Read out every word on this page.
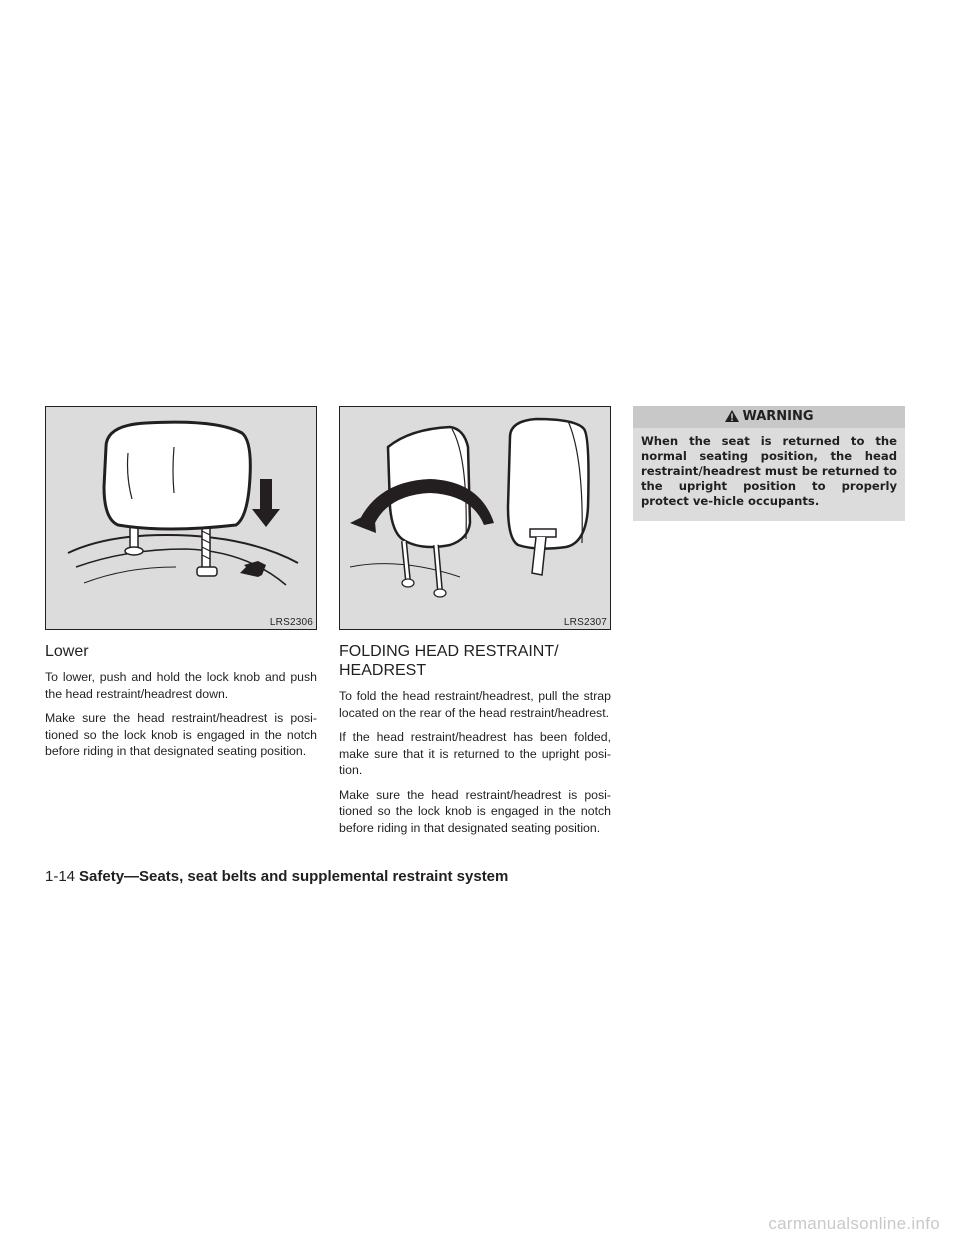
LRS2306
Lower

To lower, push and hold the lock knob and push the head restraint/headrest down.

Make sure the head restraint/headrest is posi-tioned so the lock knob is engaged in the notch before riding in that designated seating position.

LRS2307
FOLDING HEAD RESTRAINT/
HEADREST

To fold the head restraint/headrest, pull the strap located on the rear of the head restraint/headrest.

If the head restraint/headrest has been folded, make sure that it is returned to the upright posi-tion.

Make sure the head restraint/headrest is posi-tioned so the lock knob is engaged in the notch before riding in that designated seating position.

WARNING
When the seat is returned to the normal seating position, the head restraint/headrest must be returned to the upright position to properly protect ve-hicle occupants.
1-14 Safety—Seats, seat belts and supplemental restraint system
carmanualsonline.info
